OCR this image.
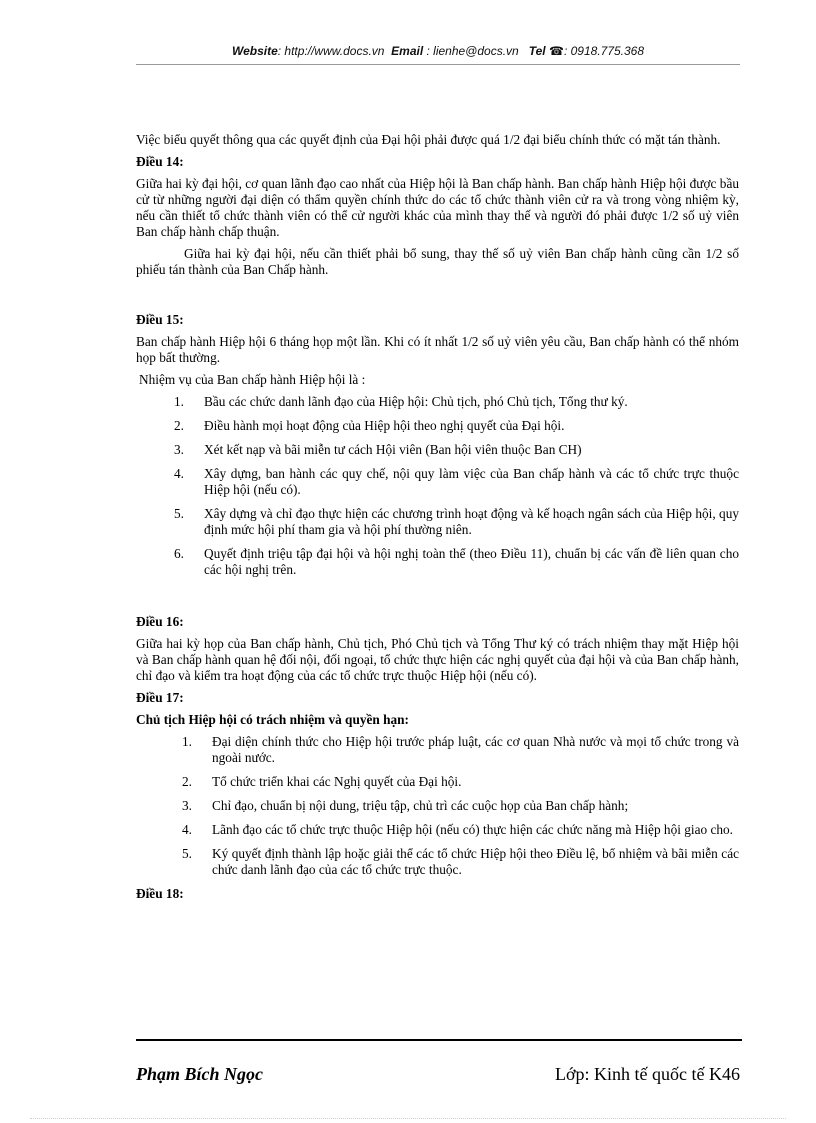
Website: http://www.docs.vn Email : lienhe@docs.vn Tel ☎: 0918.775.368

Việc biểu quyết thông qua các quyết định của Đại hội phải được quá 1/2 đại biểu chính thức có mặt tán thành.

Điều 14:

Giữa hai kỳ đại hội, cơ quan lãnh đạo cao nhất của Hiệp hội là Ban chấp hành. Ban chấp hành Hiệp hội được bầu cử từ những người đại diện có thẩm quyền chính thức do các tổ chức thành viên cử ra và trong vòng nhiệm kỳ, nếu cần thiết tổ chức thành viên có thể cử người khác của mình thay thế và người đó phải được 1/2 số uỷ viên Ban chấp hành chấp thuận.

Giữa hai kỳ đại hội, nếu cần thiết phải bổ sung, thay thế số uỷ viên Ban chấp hành cũng cần 1/2 số phiếu tán thành của Ban Chấp hành.

Điều 15:

Ban chấp hành Hiệp hội 6 tháng họp một lần. Khi có ít nhất 1/2 số uỷ viên yêu cầu, Ban chấp hành có thể nhóm họp bất thường.

Nhiệm vụ của Ban chấp hành Hiệp hội là :

1. Bầu các chức danh lãnh đạo của Hiệp hội: Chủ tịch, phó Chủ tịch, Tổng thư ký.
2. Điều hành mọi hoạt động của Hiệp hội theo nghị quyết của Đại hội.
3. Xét kết nạp và bãi miễn tư cách Hội viên (Ban hội viên thuộc Ban CH)
4. Xây dựng, ban hành các quy chế, nội quy làm việc của Ban chấp hành và các tổ chức trực thuộc Hiệp hội (nếu có).
5. Xây dựng và chỉ đạo thực hiện các chương trình hoạt động và kế hoạch ngân sách của Hiệp hội, quy định mức hội phí tham gia và hội phí thường niên.
6. Quyết định triệu tập đại hội và hội nghị toàn thể (theo Điều 11), chuẩn bị các vấn đề liên quan cho các hội nghị trên.
Điều 16:

Giữa hai kỳ họp của Ban chấp hành, Chủ tịch, Phó Chủ tịch và Tổng Thư ký có trách nhiệm thay mặt Hiệp hội và Ban chấp hành quan hệ đối nội, đối ngoại, tổ chức thực hiện các nghị quyết của đại hội và của Ban chấp hành, chỉ đạo và kiểm tra hoạt động của các tổ chức trực thuộc Hiệp hội (nếu có).

Điều 17:
Chủ tịch Hiệp hội có trách nhiệm và quyền hạn:
1. Đại diện chính thức cho Hiệp hội trước pháp luật, các cơ quan Nhà nước và mọi tổ chức trong và ngoài nước.
2. Tổ chức triển khai các Nghị quyết của Đại hội.
3. Chỉ đạo, chuẩn bị nội dung, triệu tập, chủ trì các cuộc họp của Ban chấp hành;
4. Lãnh đạo các tổ chức trực thuộc Hiệp hội (nếu có) thực hiện các chức năng mà Hiệp hội giao cho.
5. Ký quyết định thành lập hoặc giải thể các tổ chức Hiệp hội theo Điều lệ, bổ nhiệm và bãi miễn các chức danh lãnh đạo của các tổ chức trực thuộc.
Điều 18:
Phạm Bích Ngọc	Lớp: Kinh tế quốc tế K46
